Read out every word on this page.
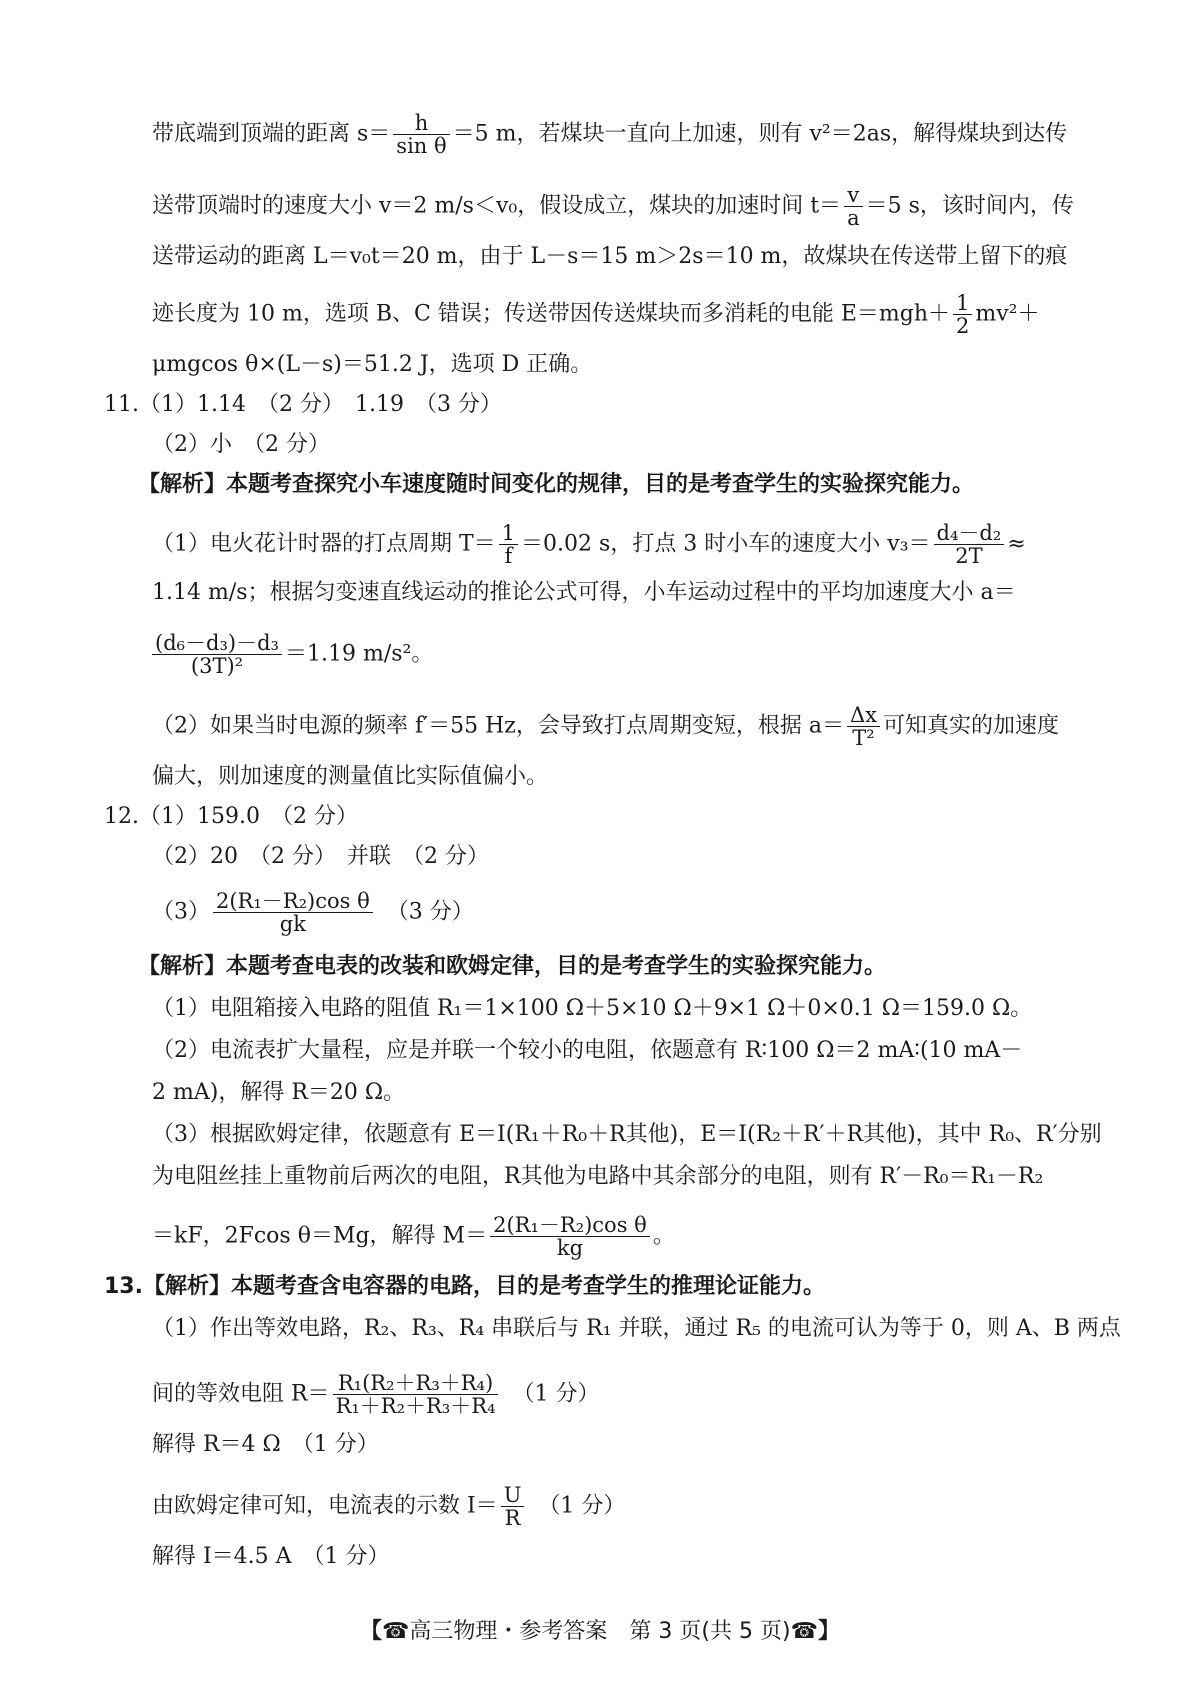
带底端到顶端的距离 $s= \frac{h}{\text{sin θ}} =5$ m，若煤块一直向上加速，则有 v²＝2as，解得煤块到达传
送带顶端时的速度大小 v＝2 m/s＜v₀，假设成立，煤块的加速时间 $t= \frac{v}{a} =5$ s，该时间内，传
送带运动的距离 L＝v₀t＝20 m，由于 L－s＝15 m＞2s＝10 m，故煤块在传送带上留下的痕
迹长度为 10 m，选项 B、C 错误；传送带因传送煤块而多消耗的电能 $E=mgh+ \frac{1}{2} mv^2+$
μmgcos θ×(L－s)＝51.2 J，选项 D 正确。
11.（1）1.14　（2 分）　1.19　（3 分）
（2）小　（2 分）
【解析】本题考查探究小车速度随时间变化的规律，目的是考查学生的实验探究能力。
（1）电火花计时器的打点周期 $T= \frac{1}{f} =0.02$ s，打点 3 时小车的速度大小 $v_3= \frac{\text{d₄－d₂}}{2T}$ ≈
1.14 m/s；根据匀变速直线运动的推论公式可得，小车运动过程中的平均加速度大小 a＝
$\frac{\text{(d₆－d₃)－d₃}}{\text{(3T)²}} =1.19$ m/s²。
（2）如果当时电源的频率 f′＝55 Hz，会导致打点周期变短，根据 $a= \frac{\Delta x}{\text{T²}}$ 可知真实的加速度
偏大，则加速度的测量值比实际值偏小。
12.（1）159.0　（2 分）
（2）20　（2 分）　并联　（2 分）
$(3) \frac{\text{2(R₁－R₂)cos θ}}{gk}$ 　（3 分）
【解析】本题考查电表的改装和欧姆定律，目的是考查学生的实验探究能力。
（1）电阻箱接入电路的阻值 R₁＝1×100 Ω＋5×10 Ω＋9×1 Ω＋0×0.1 Ω＝159.0 Ω。
（2）电流表扩大量程，应是并联一个较小的电阻，依题意有 R∶100 Ω＝2 mA∶(10 mA－
2 mA)，解得 R＝20 Ω。
（3）根据欧姆定律，依题意有 E＝I(R₁＋R₀＋R其他)，E＝I(R₂＋R′＋R其他)，其中 R₀、R′分别
为电阻丝挂上重物前后两次的电阻，R其他为电路中其余部分的电阻，则有 R′－R₀＝R₁－R₂
＝kF，2Fcos θ＝Mg，解得 $M= \frac{\text{2(R₁－R₂)cos θ}}{kg}$ 。
13.【解析】本题考查含电容器的电路，目的是考查学生的推理论证能力。
（1）作出等效电路，R₂、R₃、R₄ 串联后与 R₁ 并联，通过 R₅ 的电流可认为等于 0，则 A、B 两点
间的等效电阻 $R= \frac{\text{R₁(R₂＋R₃＋R₄)}}{\text{R₁＋R₂＋R₃＋R₄}}$ 　（1 分）
解得 R＝4 Ω　（1 分）
由欧姆定律可知，电流表的示数 $I= \frac{U}{R}$ 　（1 分）
解得 I＝4.5 A　（1 分）
【☎高三物理・参考答案　第 3 页(共 5 页)☎】
